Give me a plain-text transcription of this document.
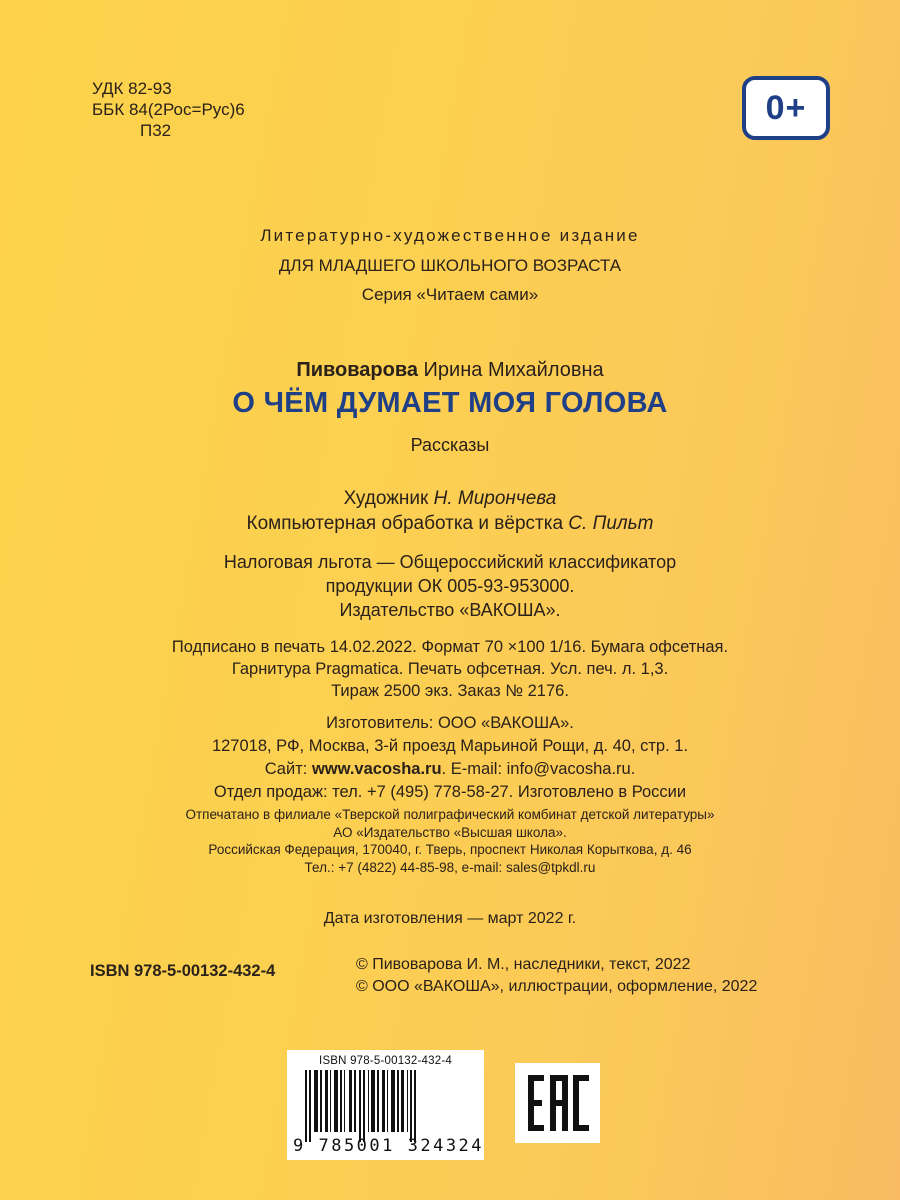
УДК 82-93
ББК 84(2Рос=Рус)6
П32
0+
Литературно-художественное издание
ДЛЯ МЛАДШЕГО ШКОЛЬНОГО ВОЗРАСТА
Серия «Читаем сами»
Пивоварова Ирина Михайловна
О ЧЁМ ДУМАЕТ МОЯ ГОЛОВА
Рассказы
Художник Н. Мирончева
Компьютерная обработка и вёрстка С. Пильт
Налоговая льгота — Общероссийский классификатор
продукции ОК 005-93-953000.
Издательство «ВАКОША».
Подписано в печать 14.02.2022. Формат 70 ×100 1/16. Бумага офсетная.
Гарнитура Pragmatica. Печать офсетная. Усл. печ. л. 1,3.
Тираж 2500 экз. Заказ № 2176.
Изготовитель: ООО «ВАКОША».
127018, РФ, Москва, 3-й проезд Марьиной Рощи, д. 40, стр. 1.
Сайт: www.vacosha.ru. E-mail: info@vacosha.ru.
Отдел продаж: тел. +7 (495) 778-58-27. Изготовлено в России
Отпечатано в филиале «Тверской полиграфический комбинат детской литературы»
АО «Издательство «Высшая школа».
Российская Федерация, 170040, г. Тверь, проспект Николая Корыткова, д. 46
Тел.: +7 (4822) 44-85-98, e-mail: sales@tpkdl.ru
Дата изготовления — март 2022 г.
ISBN 978-5-00132-432-4	© Пивоварова И. М., наследники, текст, 2022
© ООО «ВАКОША», иллюстрации, оформление, 2022
ISBN 978-5-00132-432-4
9 785001 324324
